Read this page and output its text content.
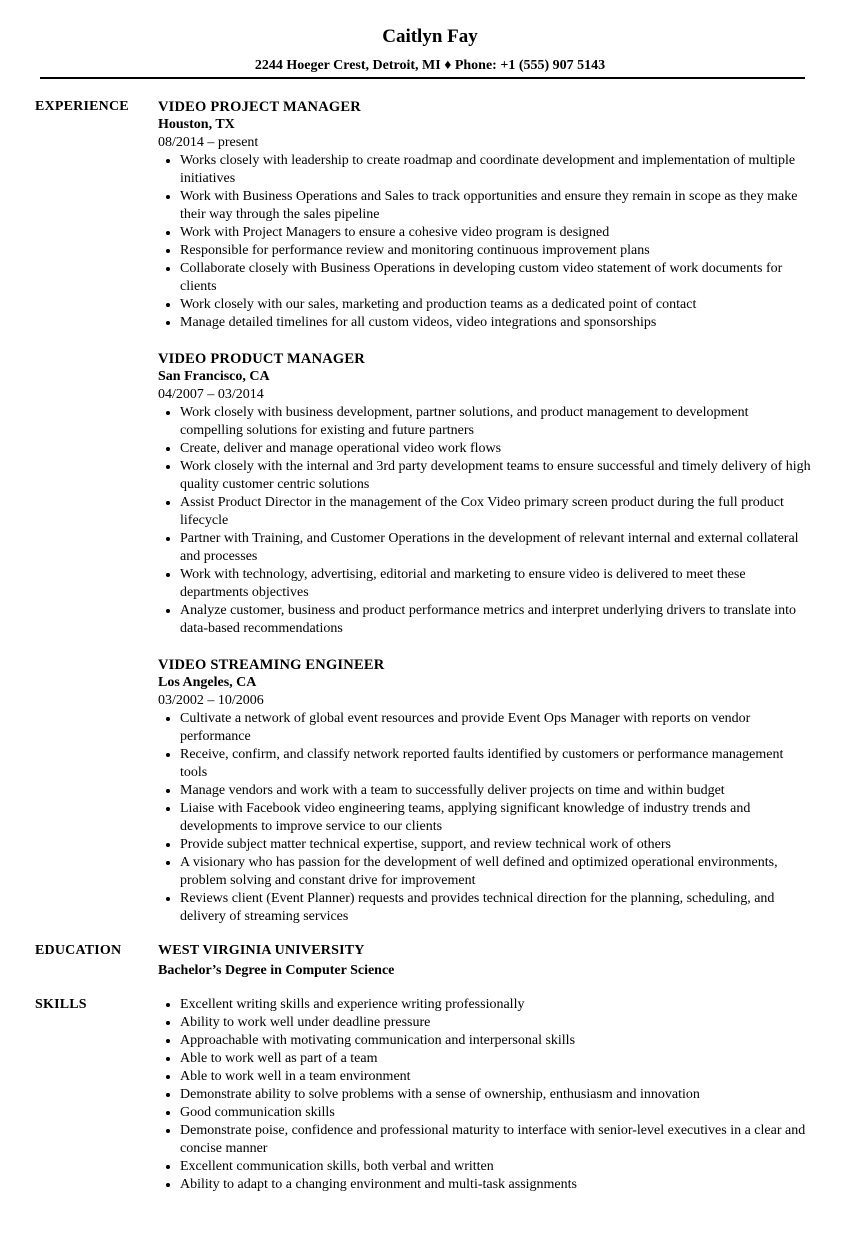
Caitlyn Fay
2244 Hoeger Crest, Detroit, MI ♦ Phone: +1 (555) 907 5143
EXPERIENCE	VIDEO PROJECT MANAGER
Houston, TX
08/2014 – present
• Works closely with leadership to create roadmap and coordinate development and implementation of multiple initiatives
• Work with Business Operations and Sales to track opportunities and ensure they remain in scope as they make their way through the sales pipeline
• Work with Project Managers to ensure a cohesive video program is designed
• Responsible for performance review and monitoring continuous improvement plans
• Collaborate closely with Business Operations in developing custom video statement of work documents for clients
• Work closely with our sales, marketing and production teams as a dedicated point of contact
• Manage detailed timelines for all custom videos, video integrations and sponsorships
VIDEO PRODUCT MANAGER
San Francisco, CA
04/2007 – 03/2014
• Work closely with business development, partner solutions, and product management to development compelling solutions for existing and future partners
• Create, deliver and manage operational video work flows
• Work closely with the internal and 3rd party development teams to ensure successful and timely delivery of high quality customer centric solutions
• Assist Product Director in the management of the Cox Video primary screen product during the full product lifecycle
• Partner with Training, and Customer Operations in the development of relevant internal and external collateral and processes
• Work with technology, advertising, editorial and marketing to ensure video is delivered to meet these departments objectives
• Analyze customer, business and product performance metrics and interpret underlying drivers to translate into data-based recommendations
VIDEO STREAMING ENGINEER
Los Angeles, CA
03/2002 – 10/2006
• Cultivate a network of global event resources and provide Event Ops Manager with reports on vendor performance
• Receive, confirm, and classify network reported faults identified by customers or performance management tools
• Manage vendors and work with a team to successfully deliver projects on time and within budget
• Liaise with Facebook video engineering teams, applying significant knowledge of industry trends and developments to improve service to our clients
• Provide subject matter technical expertise, support, and review technical work of others
• A visionary who has passion for the development of well defined and optimized operational environments, problem solving and constant drive for improvement
• Reviews client (Event Planner) requests and provides technical direction for the planning, scheduling, and delivery of streaming services
EDUCATION	WEST VIRGINIA UNIVERSITY
Bachelor’s Degree in Computer Science
SKILLS
•	Excellent writing skills and experience writing professionally
• Ability to work well under deadline pressure
• Approachable with motivating communication and interpersonal skills
• Able to work well as part of a team
• Able to work well in a team environment
• Demonstrate ability to solve problems with a sense of ownership, enthusiasm and innovation
• Good communication skills
• Demonstrate poise, confidence and professional maturity to interface with senior-level executives in a clear and concise manner
• Excellent communication skills, both verbal and written
• Ability to adapt to a changing environment and multi-task assignments
